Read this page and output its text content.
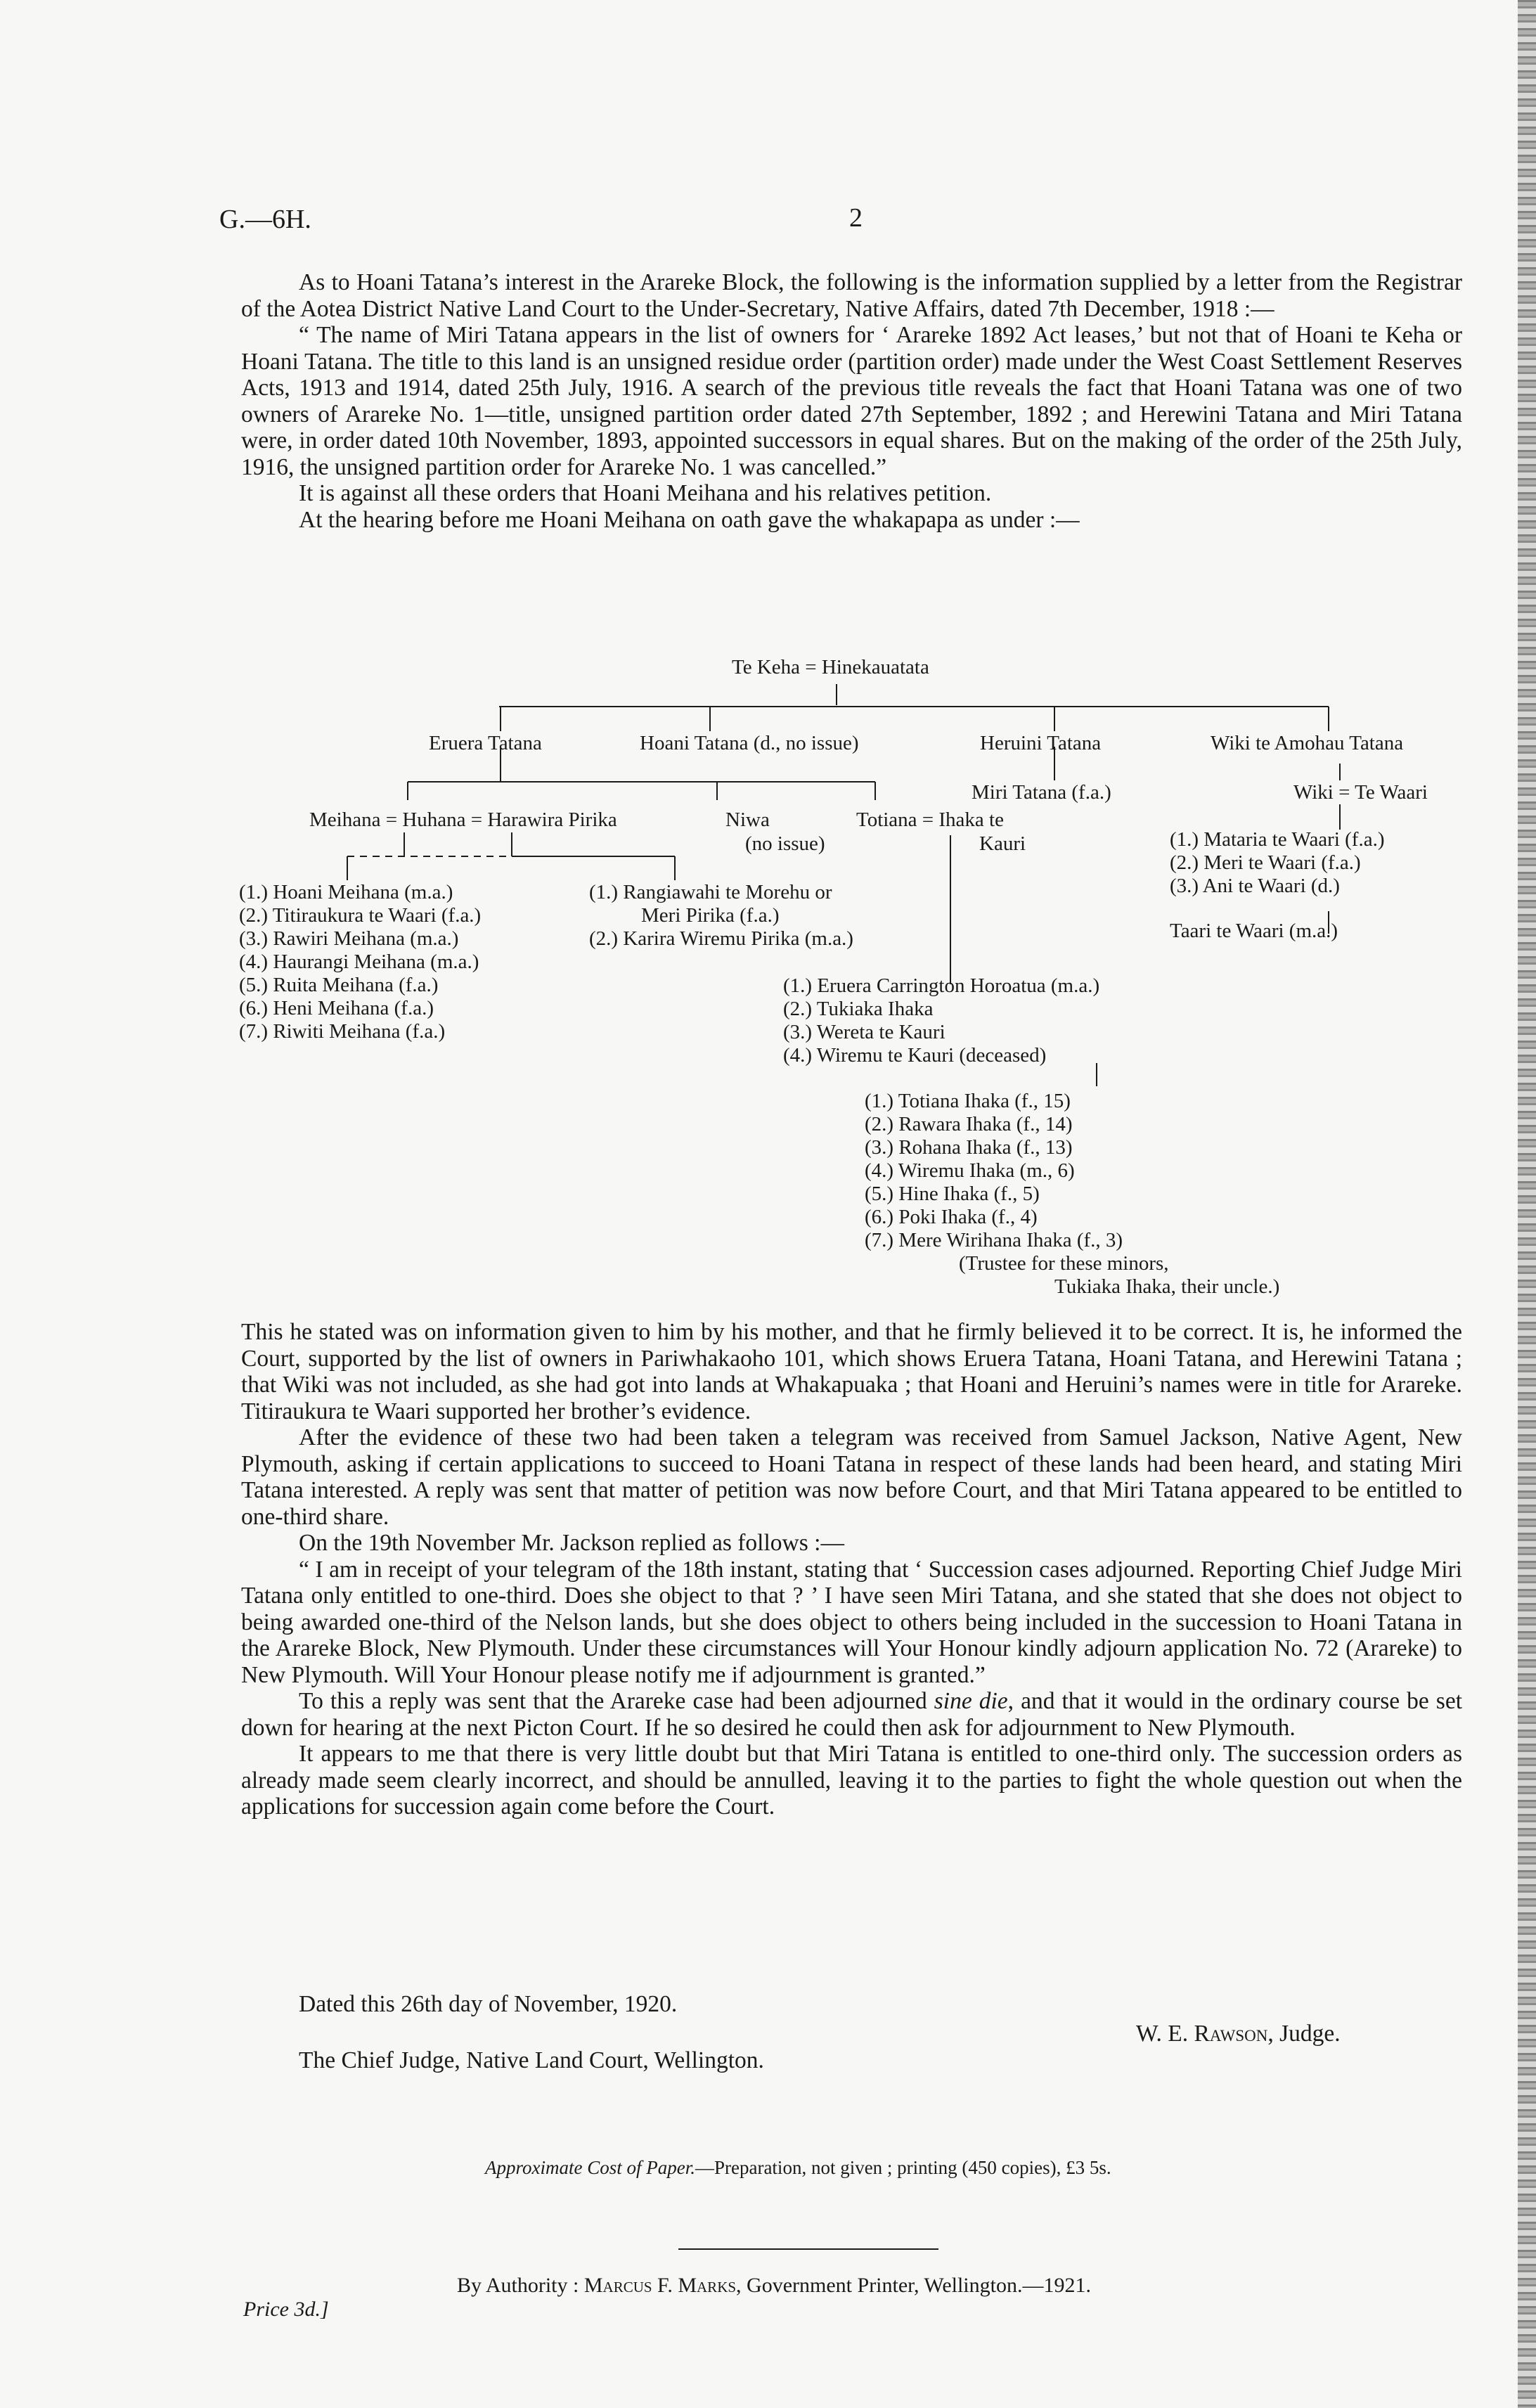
G.—6H.	2

As to Hoani Tatana’s interest in the Arareke Block, the following is the information supplied by a letter from the Registrar of the Aotea District Native Land Court to the Under-Secretary, Native Affairs, dated 7th December, 1918 :—

“ The name of Miri Tatana appears in the list of owners for ‘ Arareke 1892 Act leases,’ but not that of Hoani te Keha or Hoani Tatana. The title to this land is an unsigned residue order (partition order) made under the West Coast Settlement Reserves Acts, 1913 and 1914, dated 25th July, 1916. A search of the previous title reveals the fact that Hoani Tatana was one of two owners of Arareke No. 1—title, unsigned partition order dated 27th September, 1892 ; and Herewini Tatana and Miri Tatana were, in order dated 10th November, 1893, appointed successors in equal shares. But on the making of the order of the 25th July, 1916, the unsigned partition order for Arareke No. 1 was cancelled.”

It is against all these orders that Hoani Meihana and his relatives petition.

At the hearing before me Hoani Meihana on oath gave the whakapapa as under :—

Te Keha = Hinekauatata
Eruera Tatana	Hoani Tatana (d., no issue)	Heruini Tatana	Wiki te Amohau Tatana
Miri Tatana (f.a.)	Wiki = Te Waari
Meihana = Huhana = Harawira Pirika	Niwa
(no issue)
Totiana = Ihaka te
Kauri	(1.) Mataria te Waari (f.a.)
(2.) Meri te Waari (f.a.)
(3.) Ani te Waari (d.)
Taari te Waari (m.a.)
(1.) Hoani Meihana (m.a.)
(2.) Titiraukura te Waari (f.a.)
(3.) Rawiri Meihana (m.a.)
(4.) Haurangi Meihana (m.a.)
(5.) Ruita Meihana (f.a.)
(6.) Heni Meihana (f.a.)
(7.) Riwiti Meihana (f.a.)
(1.) Rangiawahi te Morehu or
Meri Pirika (f.a.)
(2.) Karira Wiremu Pirika (m.a.)
(1.) Eruera Carrington Horoatua (m.a.)
(2.) Tukiaka Ihaka
(3.) Wereta te Kauri
(4.) Wiremu te Kauri (deceased)
(1.) Totiana Ihaka (f., 15)
(2.) Rawara Ihaka (f., 14)
(3.) Rohana Ihaka (f., 13)
(4.) Wiremu Ihaka (m., 6)
(5.) Hine Ihaka (f., 5)
(6.) Poki Ihaka (f., 4)
(7.) Mere Wirihana Ihaka (f., 3)
(Trustee for these minors,
Tukiaka Ihaka, their uncle.)

This he stated was on information given to him by his mother, and that he firmly believed it to be correct. It is, he informed the Court, supported by the list of owners in Pariwhakaoho 101, which shows Eruera Tatana, Hoani Tatana, and Herewini Tatana ; that Wiki was not included, as she had got into lands at Whakapuaka ; that Hoani and Heruini’s names were in title for Arareke. Titiraukura te Waari supported her brother’s evidence.

After the evidence of these two had been taken a telegram was received from Samuel Jackson, Native Agent, New Plymouth, asking if certain applications to succeed to Hoani Tatana in respect of these lands had been heard, and stating Miri Tatana interested. A reply was sent that matter of petition was now before Court, and that Miri Tatana appeared to be entitled to one-third share.

On the 19th November Mr. Jackson replied as follows :—

“ I am in receipt of your telegram of the 18th instant, stating that ‘ Succession cases adjourned. Reporting Chief Judge Miri Tatana only entitled to one-third. Does she object to that ? ’ I have seen Miri Tatana, and she stated that she does not object to being awarded one-third of the Nelson lands, but she does object to others being included in the succession to Hoani Tatana in the Arareke Block, New Plymouth. Under these circumstances will Your Honour kindly adjourn application No. 72 (Arareke) to New Plymouth. Will Your Honour please notify me if adjournment is granted.”

To this a reply was sent that the Arareke case had been adjourned sine die, and that it would in the ordinary course be set down for hearing at the next Picton Court. If he so desired he could then ask for adjournment to New Plymouth.

It appears to me that there is very little doubt but that Miri Tatana is entitled to one-third only. The succession orders as already made seem clearly incorrect, and should be annulled, leaving it to the parties to fight the whole question out when the applications for succession again come before the Court.

Dated this 26th day of November, 1920.
W. E. Rawson, Judge.
The Chief Judge, Native Land Court, Wellington.
Approximate Cost of Paper.—Preparation, not given ; printing (450 copies), £3 5s.
By Authority : Marcus F. Marks, Government Printer, Wellington.—1921.
Price 3d.]
